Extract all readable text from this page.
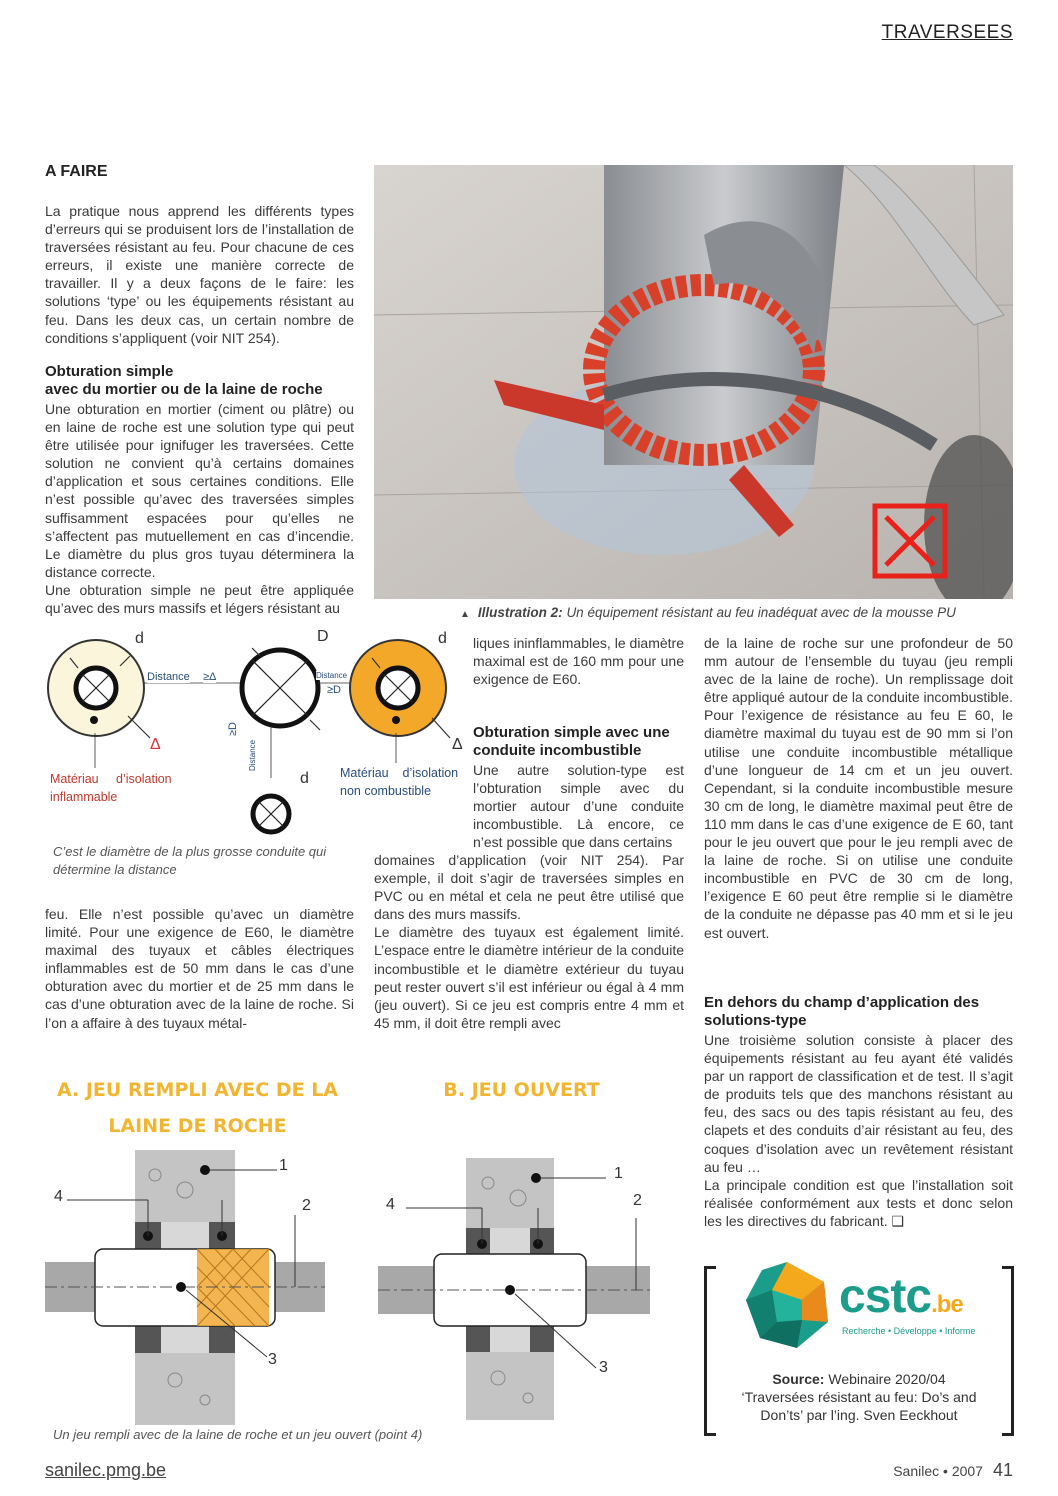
TRAVERSEES
A FAIRE
La pratique nous apprend les différents types d’erreurs qui se produisent lors de l’installation de traversées résistant au feu. Pour chacune de ces erreurs, il existe une manière correcte de travailler. Il y a deux façons de le faire: les solutions ‘type’ ou les équipements résistant au feu. Dans les deux cas, un certain nombre de conditions s’appliquent (voir NIT 254).
Obturation simple
avec du mortier ou de la laine de roche

Une obturation en mortier (ciment ou plâtre) ou en laine de roche est une solution type qui peut être utilisée pour ignifuger les traversées. Cette solution ne convient qu’à certains domaines d’application et sous certaines conditions. Elle n’est possible qu’avec des traversées simples suffisamment espacées pour qu’elles ne s’affectent pas mutuellement en cas d’incendie. Le diamètre du plus gros tuyau déterminera la distance correcte.

Une obturation simple ne peut être appliquée qu’avec des murs massifs et légers résistant au	▲ Illustration 2: Un équipement résistant au feu inadéquat avec de la mousse PU
d	D	d
d
Δ	Δ
Distance ≥Δ	Distance
≥D
Distance
≥D
Matériau d’isolation
inflammable
Matériau d’isolation
non combustible
C’est le diamètre de la plus grosse conduite qui détermine la distance
feu. Elle n’est possible qu’avec un diamètre limité. Pour une exigence de E60, le diamètre maximal des tuyaux et câbles électriques inflammables est de 50 mm dans le cas d’une obturation avec du mortier et de 25 mm dans le cas d’une obturation avec de la laine de roche. Si l’on a affaire à des tuyaux métal-
liques ininflammables, le diamètre maximal est de 160 mm pour une exigence de E60.
Obturation simple avec une
conduite incombustible
Une autre solution-type est l’obturation simple avec du mortier autour d’une conduite incombustible. Là encore, ce n’est possible que dans certains

domaines d’application (voir NIT 254). Par exemple, il doit s’agir de traversées simples en PVC ou en métal et cela ne peut être utilisé que dans des murs massifs.

Le diamètre des tuyaux est également limité. L’espace entre le diamètre intérieur de la conduite incombustible et le diamètre extérieur du tuyau peut rester ouvert s’il est inférieur ou égal à 4 mm (jeu ouvert). Si ce jeu est compris entre 4 mm et 45 mm, il doit être rempli avec

de la laine de roche sur une profondeur de 50 mm autour de l’ensemble du tuyau (jeu rempli avec de la laine de roche). Un remplissage doit être appliqué autour de la conduite incombustible.

Pour l’exigence de résistance au feu E 60, le diamètre maximal du tuyau est de 90 mm si l’on utilise une conduite incombustible métallique d’une longueur de 14 cm et un jeu ouvert. Cependant, si la conduite incombustible mesure 30 cm de long, le diamètre maximal peut être de 110 mm dans le cas d’une exigence de E 60, tant pour le jeu ouvert que pour le jeu rempli avec de la laine de roche. Si on utilise une conduite incombustible en PVC de 30 cm de long, l’exigence E 60 peut être remplie si le diamètre de la conduite ne dépasse pas 40 mm et si le jeu est ouvert.

En dehors du champ d’application des
solutions-type

Une troisième solution consiste à placer des équipements résistant au feu ayant été validés par un rapport de classification et de test. Il s’agit de produits tels que des manchons résistant au feu, des sacs ou des tapis résistant au feu, des clapets et des conduits d’air résistant au feu, des coques d’isolation avec un revêtement résistant au feu …

La principale condition est que l’installation soit réalisée conformément aux tests et donc selon les les directives du fabricant. ❑

cstc.be
Recherche • Développe • Informe
Source: Webinaire 2020/04
‘Traversées résistant au feu: Do’s and
Don’ts’ par l’ing. Sven Eeckhout
A. JEU REMPLI AVEC DE LA
LAINE DE ROCHE
B. JEU OUVERT
1
2
3
4
1
2
3
4
Un jeu rempli avec de la laine de roche et un jeu ouvert (point 4)
sanilec.pmg.be	Sanilec • 2007 41
